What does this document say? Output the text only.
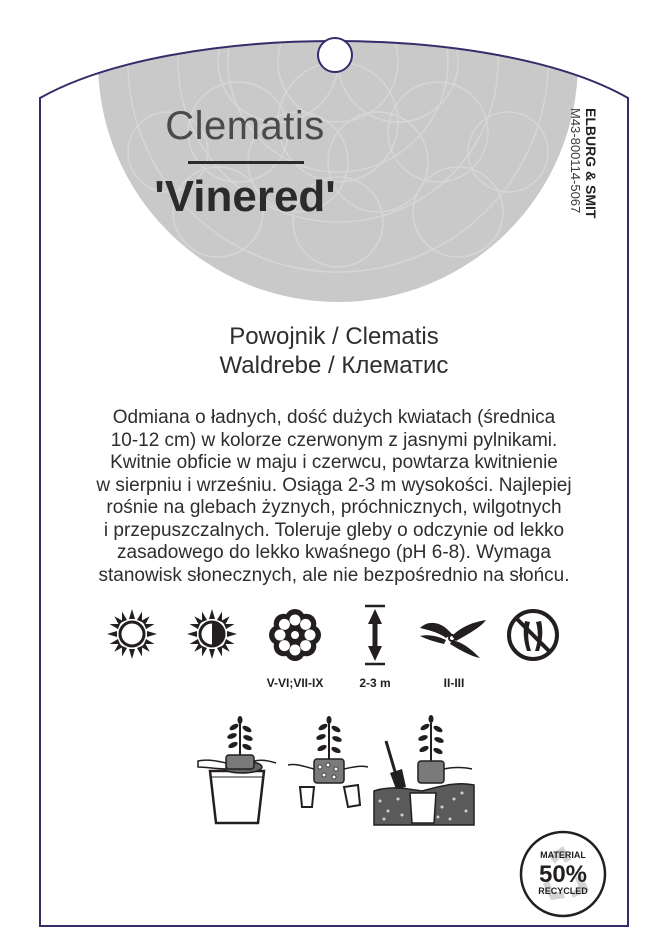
Clematis
'Vinered'	ELBURG & SMIT
M43-800114-5067
Powojnik / Clematis
Waldrebe / Клематис
Odmiana o ładnych, dość dużych kwiatach (średnica
10-12 cm) w kolorze czerwonym z jasnymi pylnikami.
Kwitnie obficie w maju i czerwcu, powtarza kwitnienie
w sierpniu i wrześniu. Osiąga 2-3 m wysokości. Najlepiej
rośnie na glebach żyznych, próchnicznych, wilgotnych
i przepuszczalnych. Toleruje gleby o odczynie od lekko
zasadowego do lekko kwaśnego (pH 6-8). Wymaga
stanowisk słonecznych, ale nie bezpośrednio na słońcu.
V-VI;VII-IX	2-3 m	II-III
MATERIAL
50%
RECYCLED
